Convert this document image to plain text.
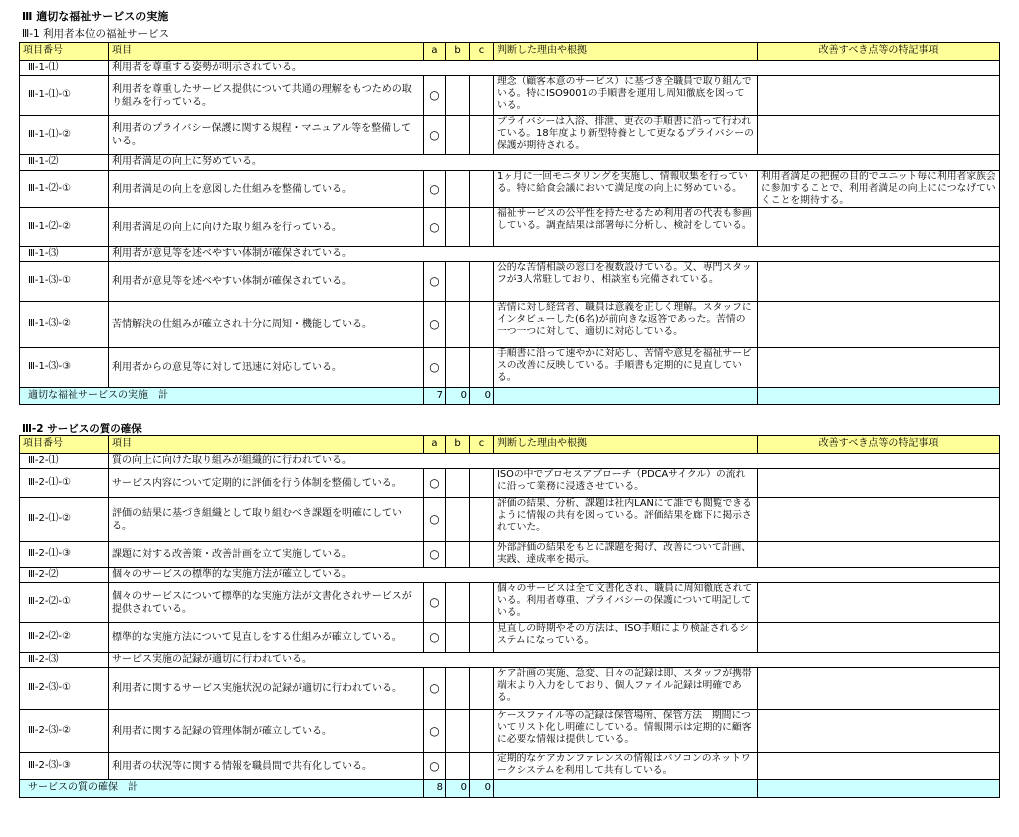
Ⅲ 適切な福祉サービスの実施
Ⅲ-1 利用者本位の福祉サービス
項目番号	項目	a	b	c	判断した理由や根拠	改善すべき点等の特記事項
Ⅲ-1-⑴	利用者を尊重する姿勢が明示されている。					
Ⅲ-1-⑴-①	利用者を尊重したサービス提供について共通の理解をもつための取り組みを行っている。	○			理念（顧客本意のサービス）に基づき全職員で取り組んでいる。特にISO9001の手順書を運用し周知徹底を図っている。	
Ⅲ-1-⑴-②	利用者のプライバシー保護に関する規程・マニュアル等を整備している。	○			プライバシーは入浴、排泄、更衣の手順書に沿って行われている。18年度より新型特養として更なるプライバシーの保護が期待される。	
Ⅲ-1-⑵	利用者満足の向上に努めている。					
Ⅲ-1-⑵-①	利用者満足の向上を意図した仕組みを整備している。	○			1ヶ月に一回モニタリングを実施し、情報収集を行っている。特に給食会議において満足度の向上に努めている。	利用者満足の把握の目的でユニット毎に利用者家族会に参加することで、利用者満足の向上ににつなげていくことを期待する。
Ⅲ-1-⑵-②	利用者満足の向上に向けた取り組みを行っている。	○			福祉サービスの公平性を持たせるため利用者の代表も参画している。調査結果は部署毎に分析し、検討をしている。	
Ⅲ-1-⑶	利用者が意見等を述べやすい体制が確保されている。					
Ⅲ-1-⑶-①	利用者が意見等を述べやすい体制が確保されている。	○			公的な苦情相談の窓口を複数設けている。又、専門スタッフが3人常駐しており、相談室も完備されている。	
Ⅲ-1-⑶-②	苦情解決の仕組みが確立され十分に周知・機能している。	○			苦情に対し経営者、職員は意義を正しく理解。スタッフにインタビューした(6名)が前向きな返答であった。苦情の一つ一つに対して、適切に対応している。	
Ⅲ-1-⑶-③	利用者からの意見等に対して迅速に対応している。	○			手順書に沿って速やかに対応し、苦情や意見を福祉サービスの改善に反映している。手順書も定期的に見直している。	
適切な福祉サービスの実施　計		7	0	0		
Ⅲ-2 サービスの質の確保
項目番号	項目	a	b	c	判断した理由や根拠	改善すべき点等の特記事項
Ⅲ-2-⑴	質の向上に向けた取り組みが組織的に行われている。					
Ⅲ-2-⑴-①	サービス内容について定期的に評価を行う体制を整備している。	○			ISOの中でプロセスアプローチ（PDCAサイクル）の流れに沿って業務に浸透させている。	
Ⅲ-2-⑴-②	評価の結果に基づき組織として取り組むべき課題を明確にしている。	○			評価の結果、分析、課題は社内LANにて誰でも閲覧できるように情報の共有を図っている。評価結果を廊下に掲示されていた。	
Ⅲ-2-⑴-③	課題に対する改善策・改善計画を立て実施している。	○			外部評価の結果をもとに課題を掲げ、改善について計画、実践、達成率を掲示。	
Ⅲ-2-⑵	個々のサービスの標準的な実施方法が確立している。					
Ⅲ-2-⑵-①	個々のサービスについて標準的な実施方法が文書化されサービスが提供されている。	○			個々のサービスは全て文書化され、職員に周知徹底されている。利用者尊重、プライバシーの保護について明記している。	
Ⅲ-2-⑵-②	標準的な実施方法について見直しをする仕組みが確立している。	○			見直しの時期やその方法は、ISO手順により検証されるシステムになっている。	
Ⅲ-2-⑶	サービス実施の記録が適切に行われている。					
Ⅲ-2-⑶-①	利用者に関するサービス実施状況の記録が適切に行われている。	○			ケア計画の実施、急変、日々の記録は即、スタッフが携帯端末より入力をしており、個人ファイル記録は明確である。	
Ⅲ-2-⑶-②	利用者に関する記録の管理体制が確立している。	○			ケースファイル等の記録は保管場所、保管方法　期間についてリスト化し明確にしている。情報開示は定期的に顧客に必要な情報は提供している。	
Ⅲ-2-⑶-③	利用者の状況等に関する情報を職員間で共有化している。	○			定期的なケアカンファレンスの情報はパソコンのネットワークシステムを利用して共有している。	
サービスの質の確保　計		8	0	0		
